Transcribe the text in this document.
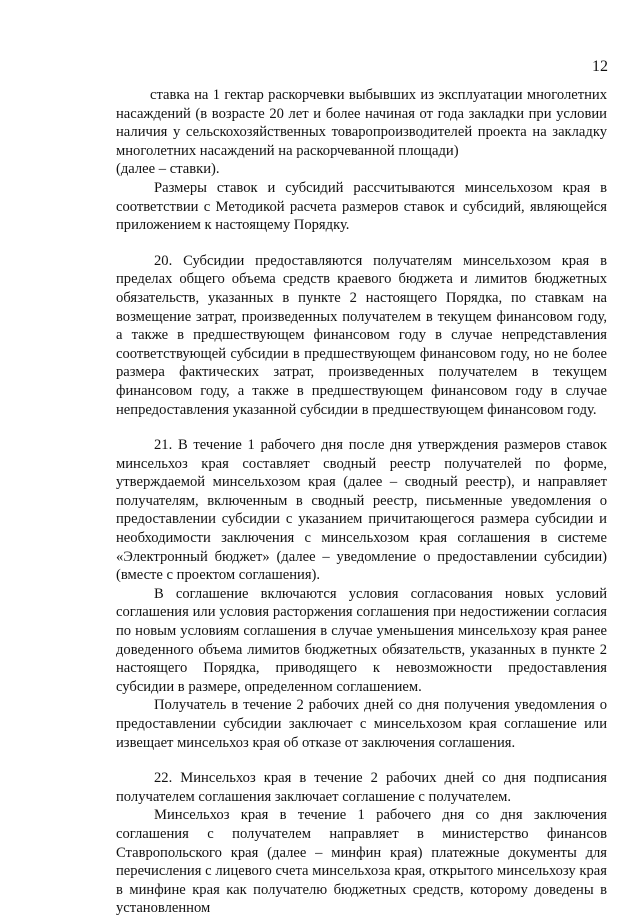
12

ставка на 1 гектар раскорчевки выбывших из эксплуатации многолетних насаждений (в возрасте 20 лет и более начиная от года закладки при условии наличия у сельскохозяйственных товаропроизводителей проекта на закладку многолетних насаждений на раскорчеванной площади)

(далее – ставки).

Размеры ставок и субсидий рассчитываются минсельхозом края в соответствии с Методикой расчета размеров ставок и субсидий, являющейся приложением к настоящему Порядку.

20. Субсидии предоставляются получателям минсельхозом края в пределах общего объема средств краевого бюджета и лимитов бюджетных обязательств, указанных в пункте 2 настоящего Порядка, по ставкам на возмещение затрат, произведенных получателем в текущем финансовом году, а также в предшествующем финансовом году в случае непредставления соответствующей субсидии в предшествующем финансовом году, но не более размера фактических затрат, произведенных получателем в текущем финансовом году, а также в предшествующем финансовом году в случае непредоставления указанной субсидии в предшествующем финансовом году.

21. В течение 1 рабочего дня после дня утверждения размеров ставок минсельхоз края составляет сводный реестр получателей по форме, утверждаемой минсельхозом края (далее – сводный реестр), и направляет получателям, включенным в сводный реестр, письменные уведомления о предоставлении субсидии с указанием причитающегося размера субсидии и необходимости заключения с минсельхозом края соглашения в системе «Электронный бюджет» (далее – уведомление о предоставлении субсидии) (вместе с проектом соглашения).

В соглашение включаются условия согласования новых условий соглашения или условия расторжения соглашения при недостижении согласия по новым условиям соглашения в случае уменьшения минсельхозу края ранее доведенного объема лимитов бюджетных обязательств, указанных в пункте 2 настоящего Порядка, приводящего к невозможности предоставления субсидии в размере, определенном соглашением.

Получатель в течение 2 рабочих дней со дня получения уведомления о предоставлении субсидии заключает с минсельхозом края соглашение или извещает минсельхоз края об отказе от заключения соглашения.

22. Минсельхоз края в течение 2 рабочих дней со дня подписания получателем соглашения заключает соглашение с получателем.

Минсельхоз края в течение 1 рабочего дня со дня заключения соглашения с получателем направляет в министерство финансов Ставропольского края (далее – минфин края) платежные документы для перечисления с лицевого счета минсельхоза края, открытого минсельхозу края в минфине края как получателю бюджетных средств, которому доведены в установленном
